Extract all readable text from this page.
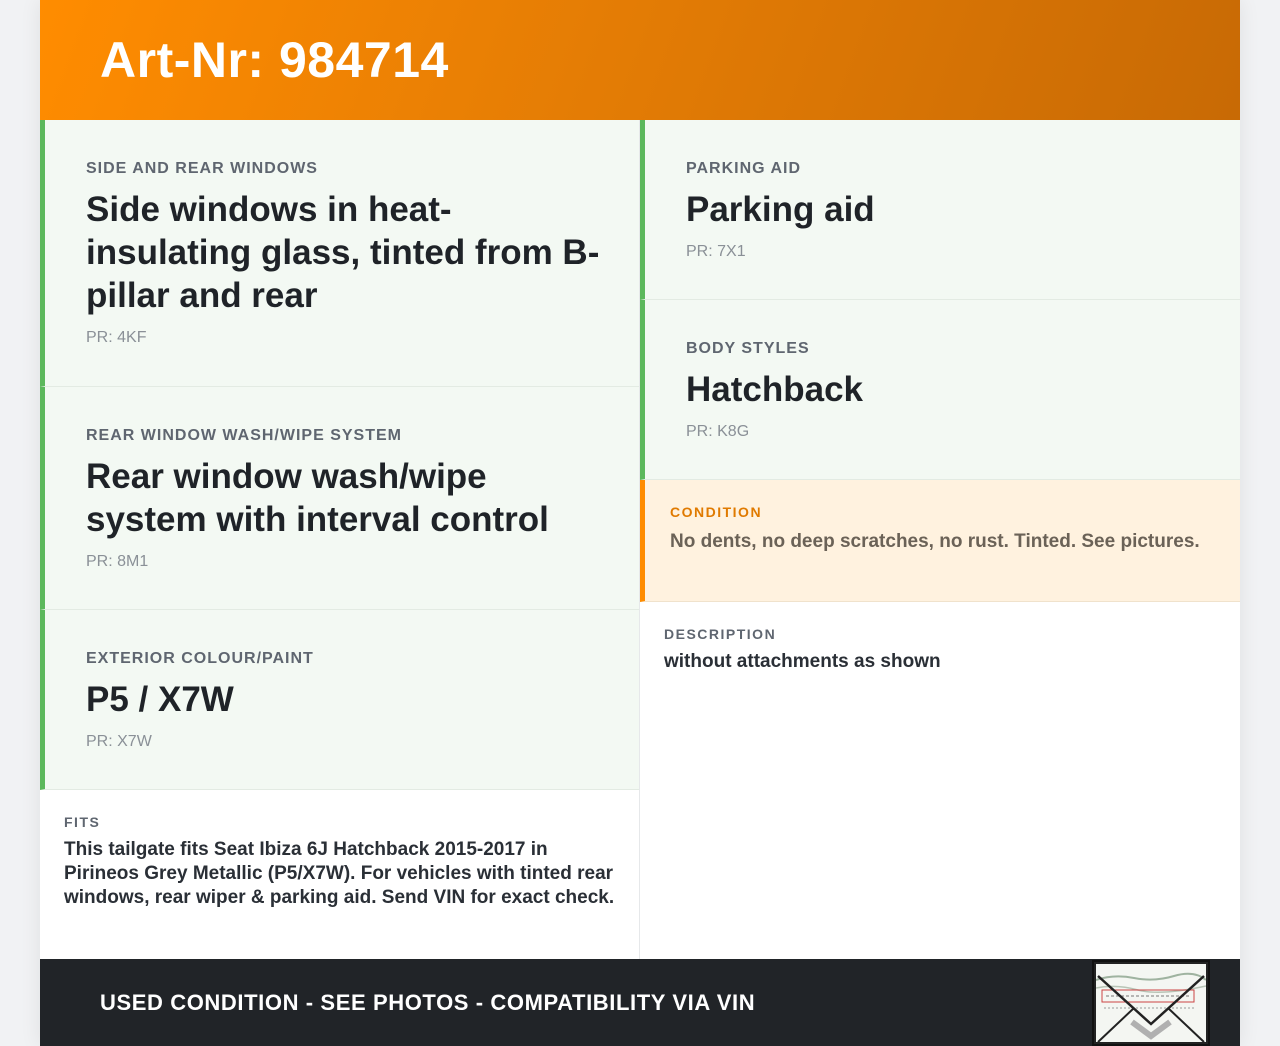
Art-Nr: 984714
SIDE AND REAR WINDOWS
Side windows in heat-insulating glass, tinted from B-pillar and rear
PR: 4KF
REAR WINDOW WASH/WIPE SYSTEM
Rear window wash/wipe system with interval control
PR: 8M1
EXTERIOR COLOUR/PAINT
P5 / X7W
PR: X7W
FITS
This tailgate fits Seat Ibiza 6J Hatchback 2015-2017 in Pirineos Grey Metallic (P5/X7W). For vehicles with tinted rear windows, rear wiper & parking aid. Send VIN for exact check.
PARKING AID
Parking aid
PR: 7X1
BODY STYLES
Hatchback
PR: K8G
CONDITION
No dents, no deep scratches, no rust. Tinted. See pictures.
DESCRIPTION
without attachments as shown
USED CONDITION - SEE PHOTOS - COMPATIBILITY VIA VIN
